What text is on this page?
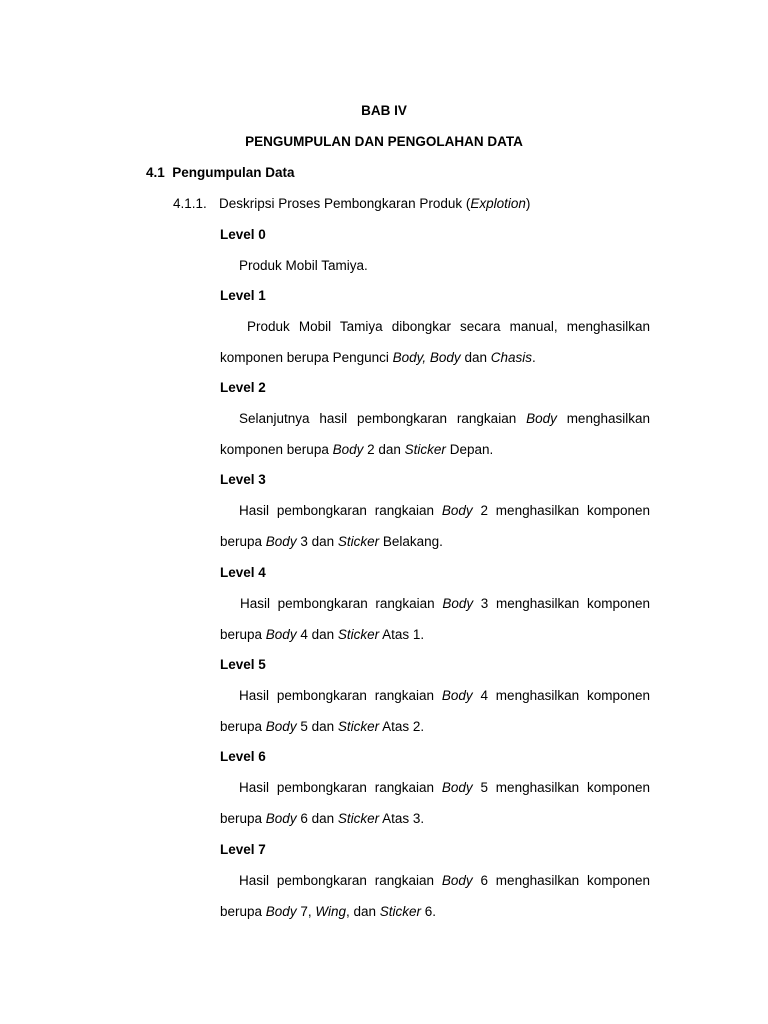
BAB IV
PENGUMPULAN DAN PENGOLAHAN DATA
4.1 Pengumpulan Data
4.1.1. Deskripsi Proses Pembongkaran Produk (Explotion)
Level 0
Produk Mobil Tamiya.
Level 1
Produk Mobil Tamiya dibongkar secara manual, menghasilkan
komponen berupa Pengunci Body, Body dan Chasis.
Level 2
Selanjutnya hasil pembongkaran rangkaian Body menghasilkan
komponen berupa Body 2 dan Sticker Depan.
Level 3
Hasil pembongkaran rangkaian Body 2 menghasilkan komponen
berupa Body 3 dan Sticker Belakang.
Level 4
Hasil pembongkaran rangkaian Body 3 menghasilkan komponen
berupa Body 4 dan Sticker Atas 1.
Level 5
Hasil pembongkaran rangkaian Body 4 menghasilkan komponen
berupa Body 5 dan Sticker Atas 2.
Level 6
Hasil pembongkaran rangkaian Body 5 menghasilkan komponen
berupa Body 6 dan Sticker Atas 3.
Level 7
Hasil pembongkaran rangkaian Body 6 menghasilkan komponen
berupa Body 7, Wing, dan Sticker 6.
